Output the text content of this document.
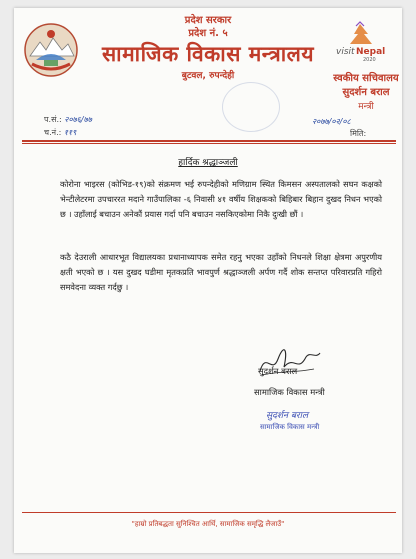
प्रदेश सरकार
प्रदेश नं. ५
सामाजिक विकास मन्त्रालय
बुटवल, रुपन्देही
visit Nepal
2020
स्वकीय सचिवालय
सुदर्शन बराल
मन्त्री
प.सं.: २०७६/७७
च.नं.: ११९
२०७७/०२/०८
मिति:
हार्दिक श्रद्धाञ्जली
कोरोना भाइरस (कोभिड-१९)को संक्रमण भई रुपन्देहीको मणिग्राम स्थित किमसन अस्पतालको सघन कक्षको भेन्टीलेटरमा उपचाररत मदाने गाउँपालिका -६ निवासी ४१ वर्षीय शिक्षकको बिहिबार बिहान दुखद निधन भएको छ । उहाँलाई बचाउन अनेकौं प्रयास गर्दा पनि बचाउन नसकिएकोमा निकै दुःखी छौं ।
कठै देउराली आधारभूत विद्यालयका प्रधानाध्यापक समेत रहनु भएका उहाँको निधनले शिक्षा क्षेत्रमा अपुरणीय क्षती भएको छ । यस दुखद घडीमा मृतकप्रति भावपुर्ण श्रद्धाञ्जली अर्पण गर्दै शोक सन्तप्त परिवारप्रति गहिरो समवेदना व्यक्त गर्दछु ।
सुदर्शन बराल
सामाजिक विकास मन्त्री
सुदर्शन बराल
सामाजिक विकास मन्त्री
"हाम्रो प्रतिबद्धता सुनिश्चित आर्थि, सामाजिक समृद्धि लैजाउँ"
